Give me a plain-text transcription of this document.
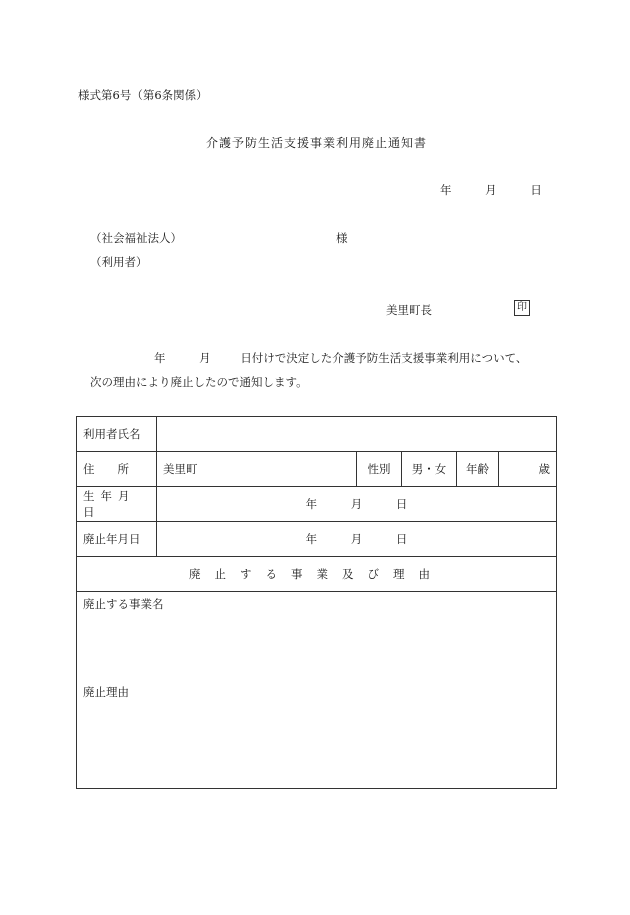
様式第6号（第6条関係）
介護予防生活支援事業利用廃止通知書
年	月	日
（社会福祉法人）	様
（利用者）
美里町長	印
年	月	日付けで決定した介護予防生活支援事業利用について、
次の理由により廃止したので通知します。
利用者氏名					
住　　所	美里町	性別	男・女	年齢	歳
生年月日	年 月 日				
廃止年月日	年 月 日				
廃止する事業及び理由					

廃止する事業名
廃止理由					
